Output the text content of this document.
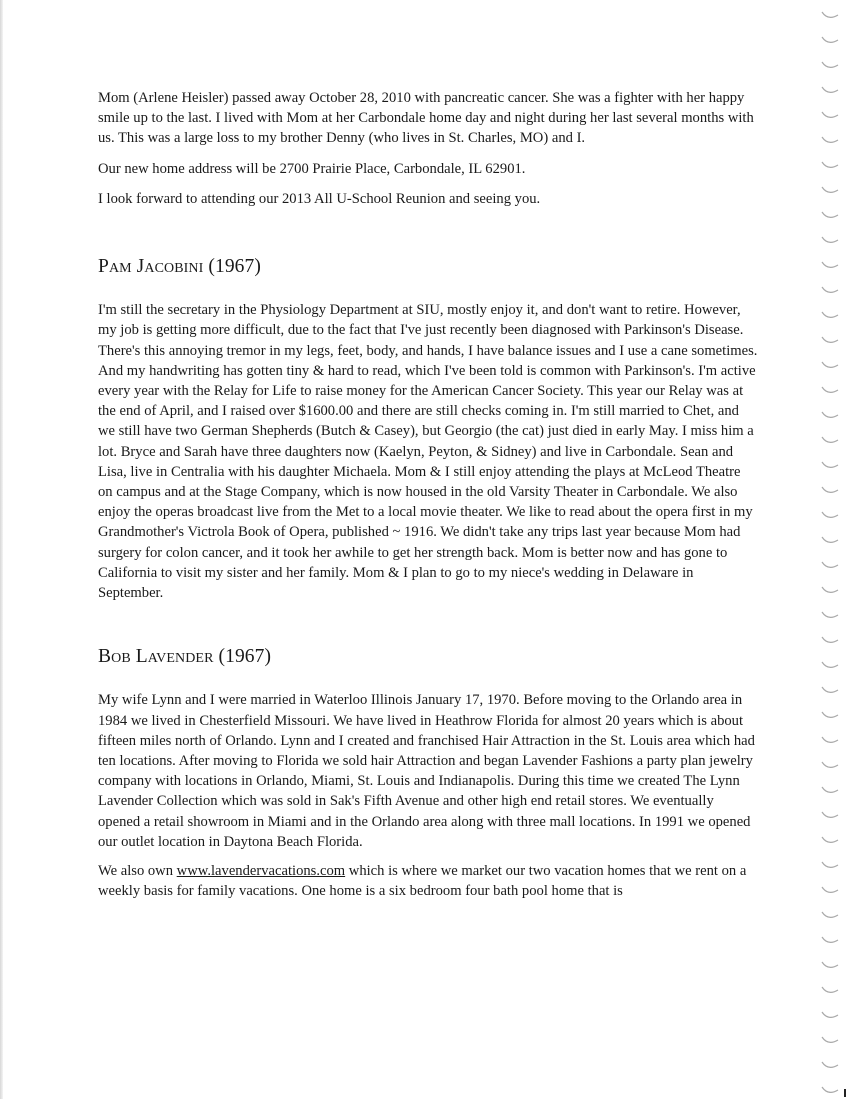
Mom (Arlene Heisler) passed away October 28, 2010 with pancreatic cancer. She was a fighter with her happy smile up to the last. I lived with Mom at her Carbondale home day and night during her last several months with us. This was a large loss to my brother Denny (who lives in St. Charles, MO) and I.

Our new home address will be 2700 Prairie Place, Carbondale, IL 62901.

I look forward to attending our 2013 All U-School Reunion and seeing you.

Pam Jacobini (1967)

I'm still the secretary in the Physiology Department at SIU, mostly enjoy it, and don't want to retire. However, my job is getting more difficult, due to the fact that I've just recently been diagnosed with Parkinson's Disease. There's this annoying tremor in my legs, feet, body, and hands, I have balance issues and I use a cane sometimes. And my handwriting has gotten tiny & hard to read, which I've been told is common with Parkinson's. I'm active every year with the Relay for Life to raise money for the American Cancer Society. This year our Relay was at the end of April, and I raised over $1600.00 and there are still checks coming in. I'm still married to Chet, and we still have two German Shepherds (Butch & Casey), but Georgio (the cat) just died in early May. I miss him a lot. Bryce and Sarah have three daughters now (Kaelyn, Peyton, & Sidney) and live in Carbondale. Sean and Lisa, live in Centralia with his daughter Michaela. Mom & I still enjoy attending the plays at McLeod Theatre on campus and at the Stage Company, which is now housed in the old Varsity Theater in Carbondale. We also enjoy the operas broadcast live from the Met to a local movie theater. We like to read about the opera first in my Grandmother's Victrola Book of Opera, published ~ 1916. We didn't take any trips last year because Mom had surgery for colon cancer, and it took her awhile to get her strength back. Mom is better now and has gone to California to visit my sister and her family. Mom & I plan to go to my niece's wedding in Delaware in September.

Bob Lavender (1967)

My wife Lynn and I were married in Waterloo Illinois January 17, 1970. Before moving to the Orlando area in 1984 we lived in Chesterfield Missouri. We have lived in Heathrow Florida for almost 20 years which is about fifteen miles north of Orlando. Lynn and I created and franchised Hair Attraction in the St. Louis area which had ten locations. After moving to Florida we sold hair Attraction and began Lavender Fashions a party plan jewelry company with locations in Orlando, Miami, St. Louis and Indianapolis. During this time we created The Lynn Lavender Collection which was sold in Sak's Fifth Avenue and other high end retail stores. We eventually opened a retail showroom in Miami and in the Orlando area along with three mall locations. In 1991 we opened our outlet location in Daytona Beach Florida.

We also own www.lavendervacations.com which is where we market our two vacation homes that we rent on a weekly basis for family vacations. One home is a six bedroom four bath pool home that is
